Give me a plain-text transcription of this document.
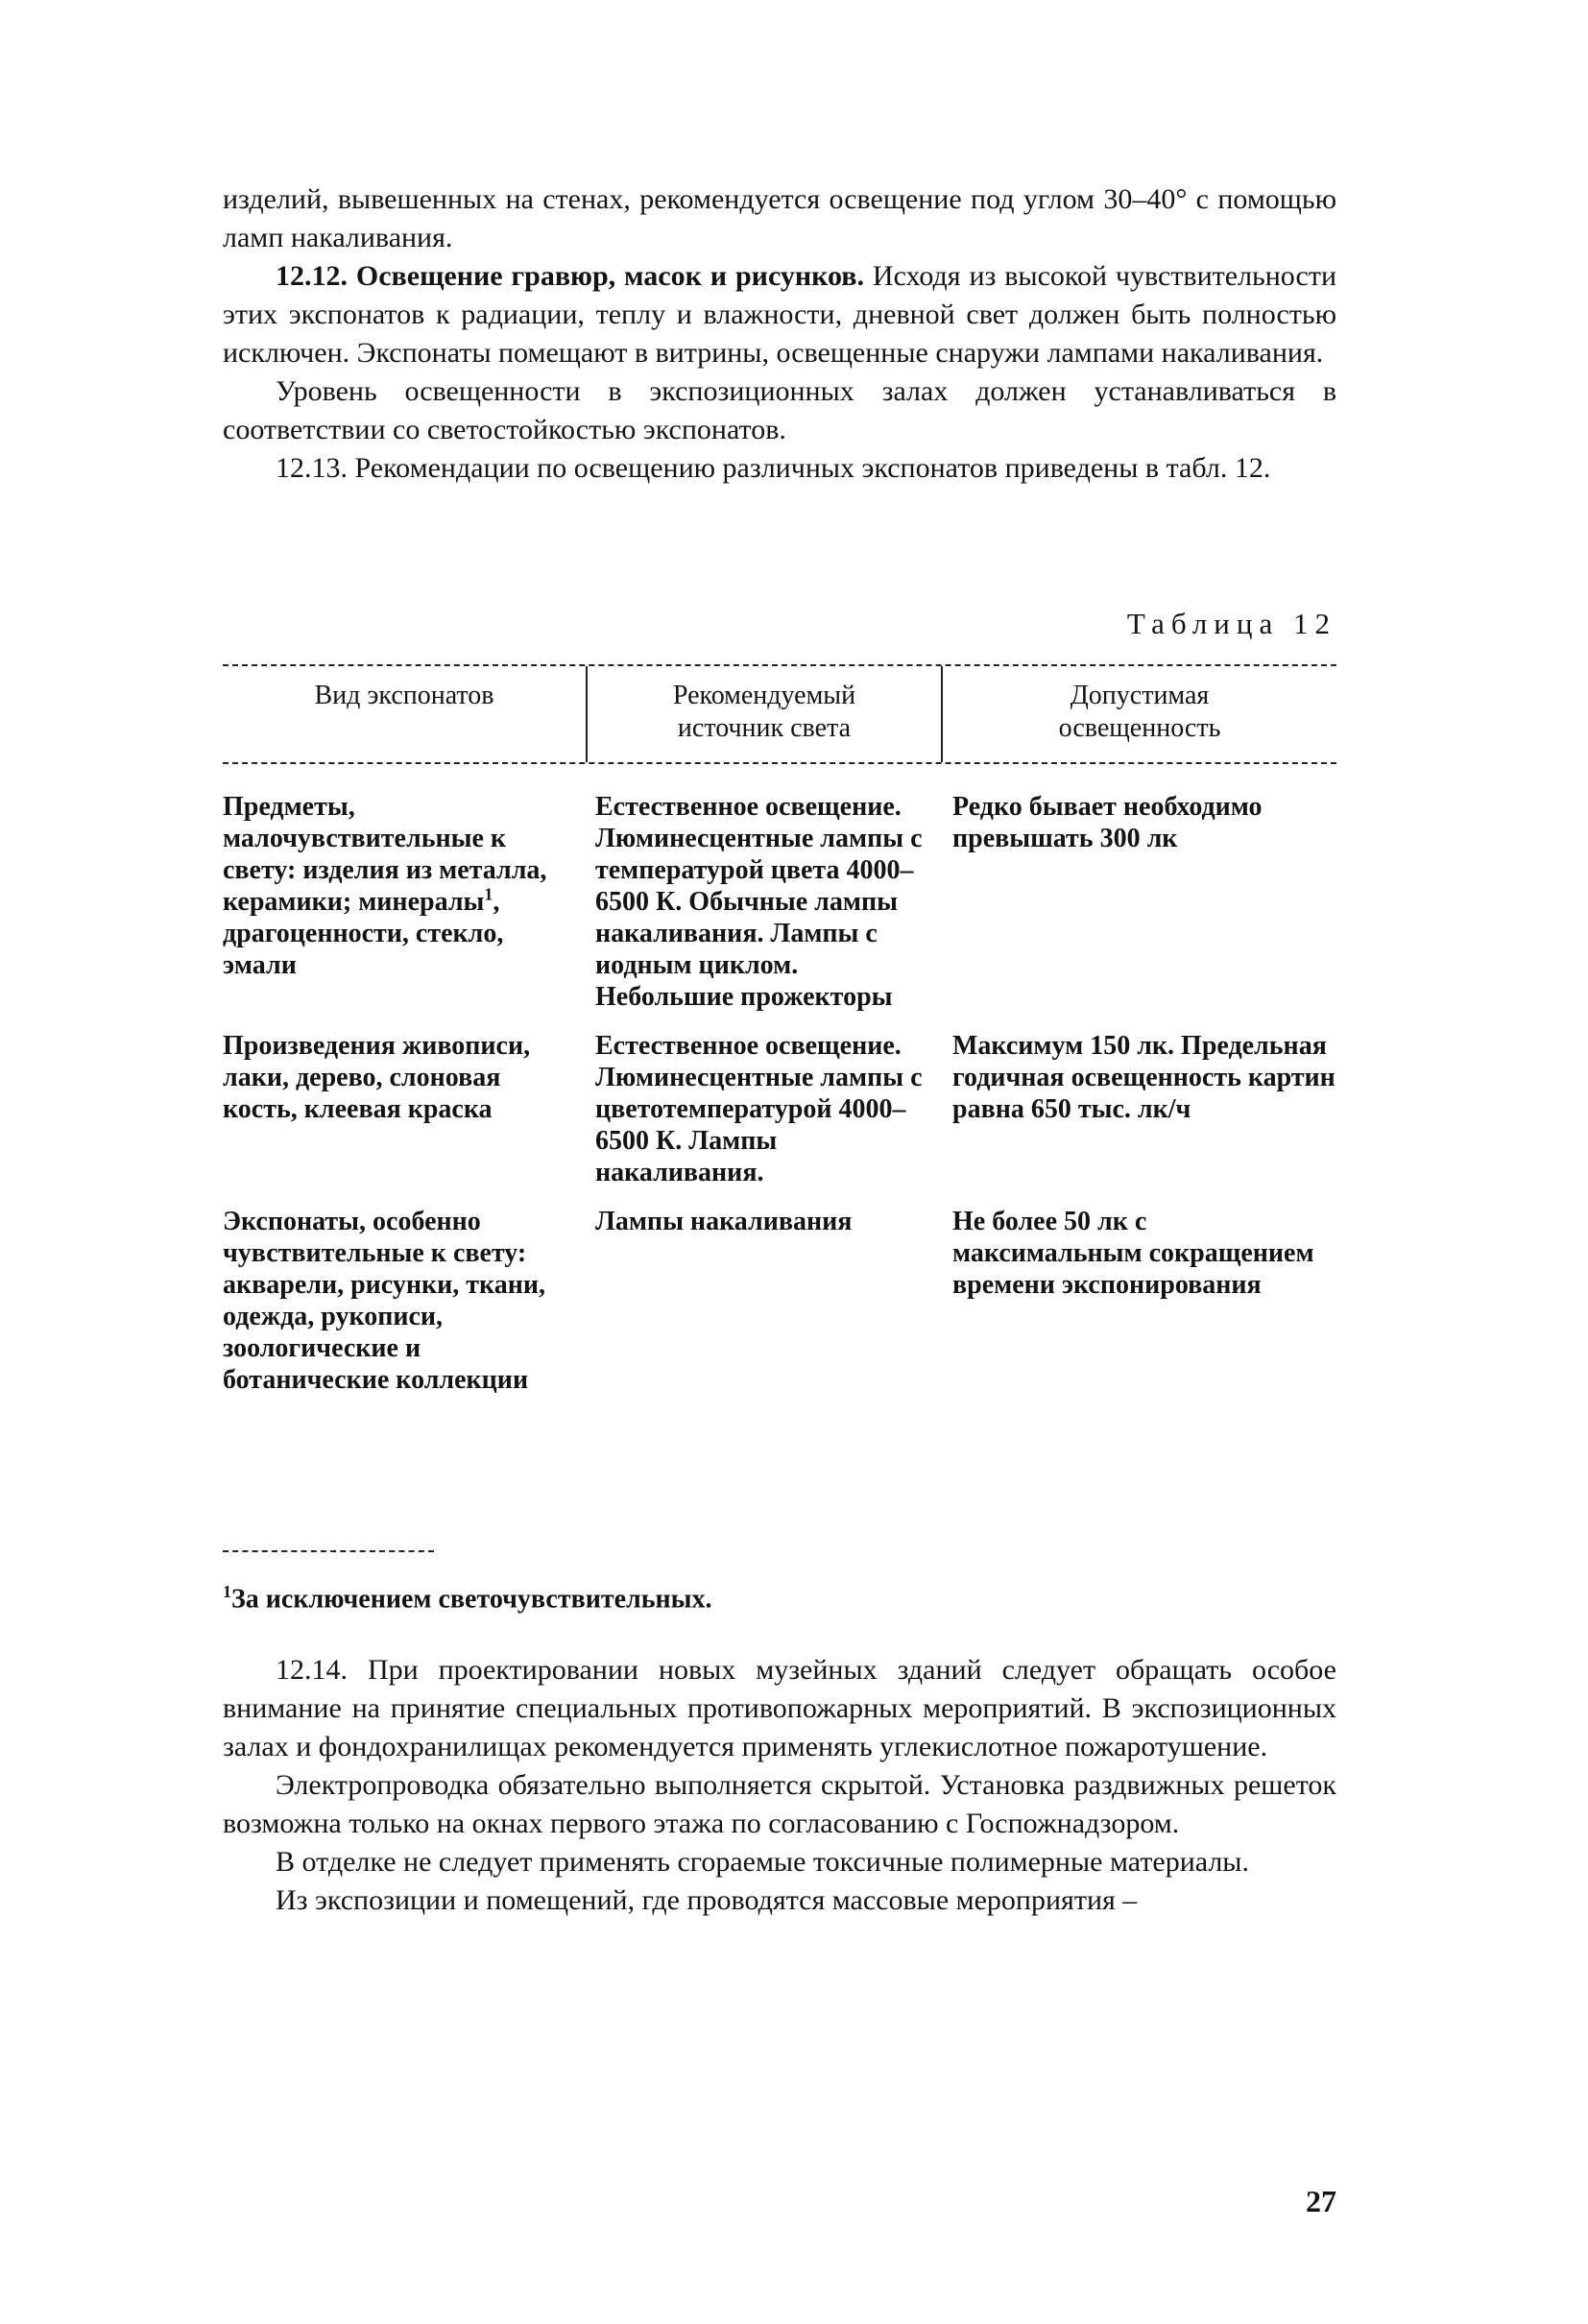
изделий, вывешенных на стенах, рекомендуется освещение под углом 30–40° с помощью ламп накаливания.

12.12. Освещение гравюр, масок и рисунков. Исходя из высокой чувствительности этих экспонатов к радиации, теплу и влажности, дневной свет должен быть полностью исключен. Экспонаты помещают в витрины, освещенные снаружи лампами накаливания.

Уровень освещенности в экспозиционных залах должен устанавливаться в соответствии со светостойкостью экспонатов.

12.13. Рекомендации по освещению различных экспонатов приведены в табл. 12.

Таблица 12
Вид экспонатов	Рекомендуемый
источник света
Допустимая
освещенность
Предметы, малочувствительные к свету: изделия из металла, керамики; минералы$^1$, драгоценности, стекло, эмали
Естественное освещение. Люминесцентные лампы с температурой цвета 4000–6500 К. Обычные лампы накаливания. Лампы с иодным циклом. Небольшие прожекторы
Редко бывает необходимо превышать 300 лк
Произведения живописи, лаки, дерево, слоновая кость, клеевая краска
Естественное освещение. Люминесцентные лампы с цветотемпературой 4000–6500 К. Лампы накаливания.
Максимум 150 лк. Предельная годичная освещенность картин равна 650 тыс. лк/ч
Экспонаты, особенно чувствительные к свету: акварели, рисунки, ткани, одежда, рукописи, зоологические и ботанические коллекции
Лампы накаливания	Не более 50 лк с максимальным сокращением времени экспонирования
$^1$За исключением светочувствительных.

12.14. При проектировании новых музейных зданий следует обращать особое внимание на принятие специальных противопожарных мероприятий. В экспозиционных залах и фондохранилищах рекомендуется применять углекислотное пожаротушение.

Электропроводка обязательно выполняется скрытой. Установка раздвижных решеток возможна только на окнах первого этажа по согласованию с Госпожнадзором.

В отделке не следует применять сгораемые токсичные полимерные материалы.

Из экспозиции и помещений, где проводятся массовые мероприятия –

27
